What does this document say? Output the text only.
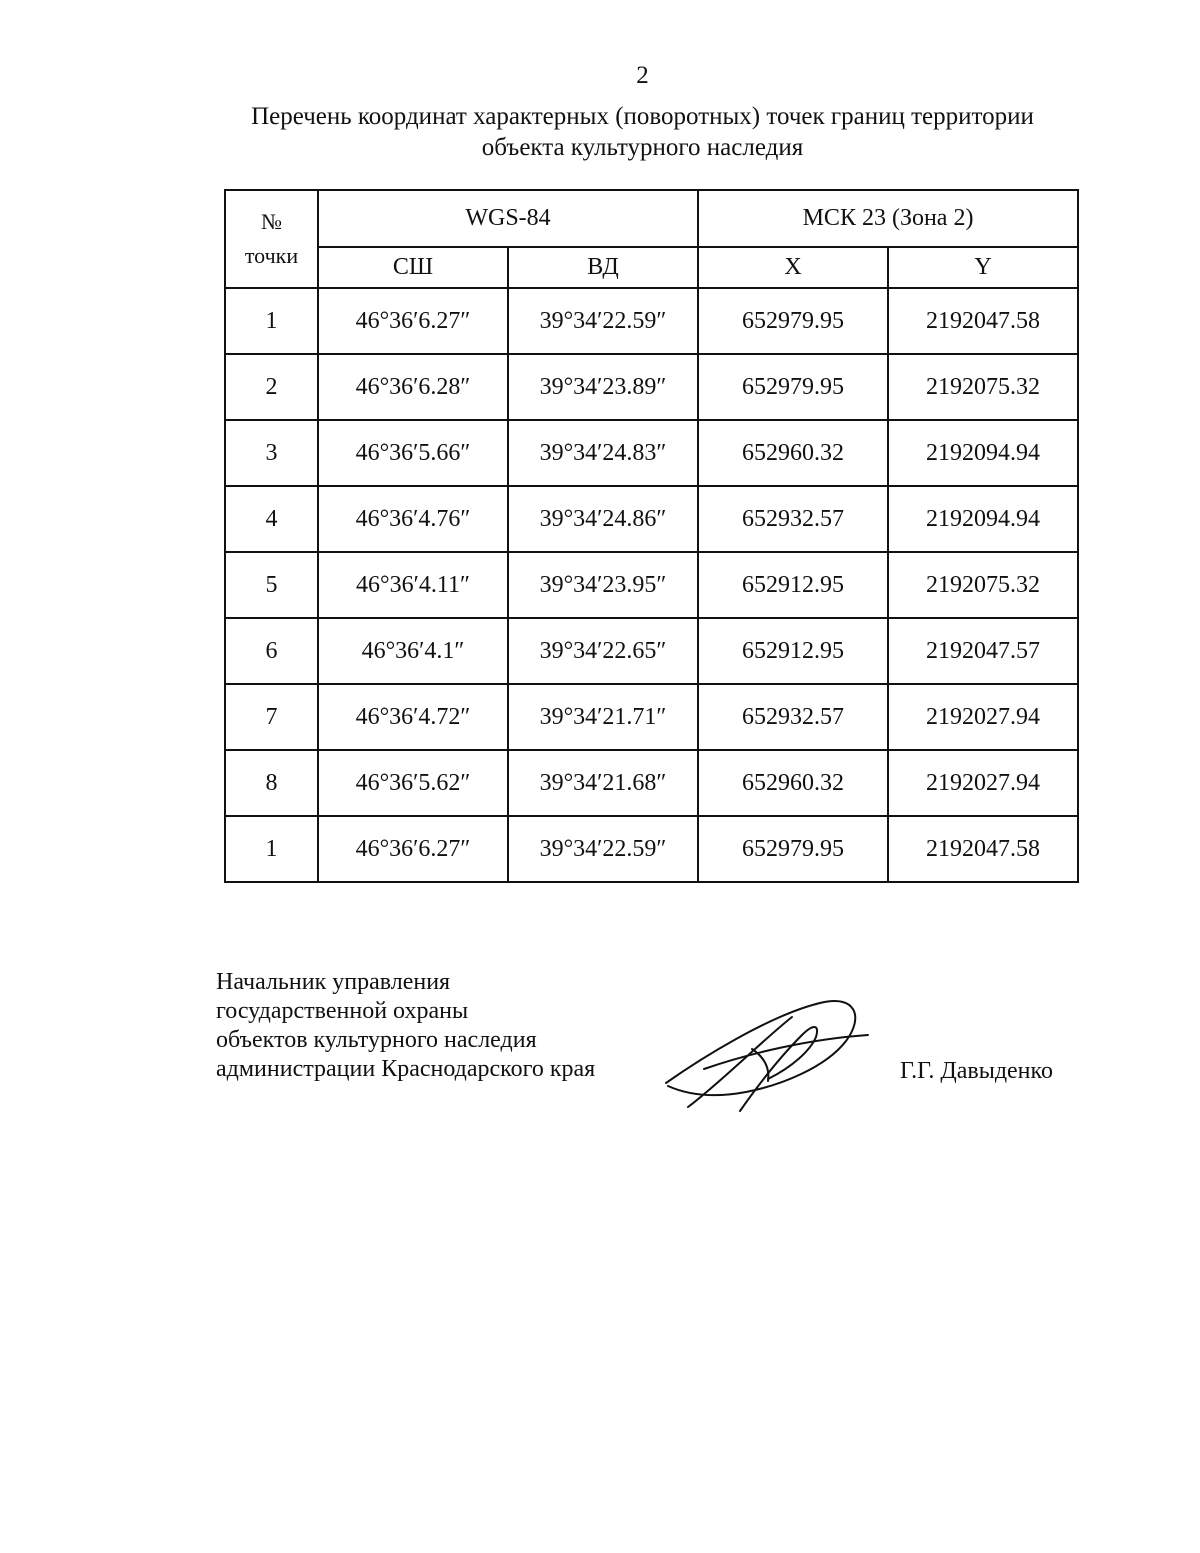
2
Перечень координат характерных (поворотных) точек границ территории
объекта культурного наследия
№
точки	WGS-84		МСК 23 (Зона 2)	
	СШ	ВД	X	Y
1	46°36′6.27″	39°34′22.59″	652979.95	2192047.58
2	46°36′6.28″	39°34′23.89″	652979.95	2192075.32
3	46°36′5.66″	39°34′24.83″	652960.32	2192094.94
4	46°36′4.76″	39°34′24.86″	652932.57	2192094.94
5	46°36′4.11″	39°34′23.95″	652912.95	2192075.32
6	46°36′4.1″	39°34′22.65″	652912.95	2192047.57
7	46°36′4.72″	39°34′21.71″	652932.57	2192027.94
8	46°36′5.62″	39°34′21.68″	652960.32	2192027.94
1	46°36′6.27″	39°34′22.59″	652979.95	2192047.58
Начальник управления
государственной охраны
объектов культурного наследия
администрации Краснодарского края	Г.Г. Давыденко
